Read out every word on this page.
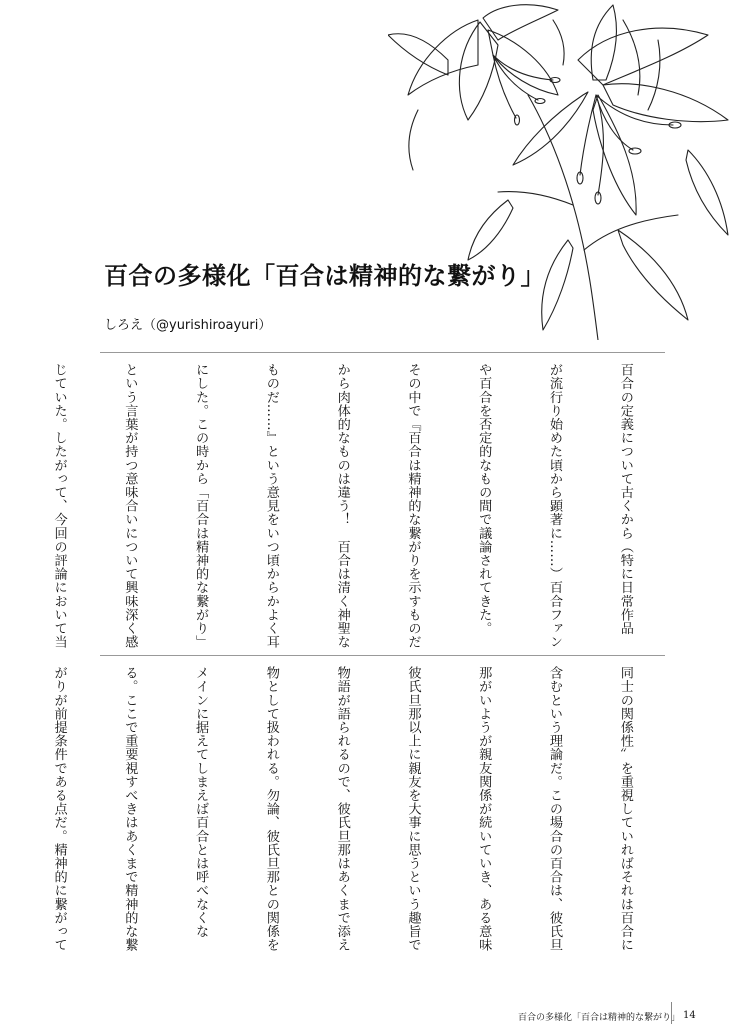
百合の多様化「百合は精神的な繋がり」
しろえ（@yurishiroayuri）

百合の定義について古くから（特に日常作品

が流行り始めた頃から顕著に……）百合ファン

や百合を否定的なもの間で議論されてきた。

その中で『百合は精神的な繋がりを示すものだ

から肉体的なものは違う！　百合は清く神聖な

ものだ……』という意見をいつ頃からかよく耳

にした。この時から「百合は精神的な繋がり」

という言葉が持つ意味合いについて興味深く感

じていた。したがって、今回の評論において当

同士の関係性〟を重視していればそれは百合に

含むという理論だ。この場合の百合は、彼氏旦

那がいようが親友関係が続いていき、ある意味

彼氏旦那以上に親友を大事に思うという趣旨で

物語が語られるので、彼氏旦那はあくまで添え

物として扱われる。勿論、彼氏旦那との関係を

メインに据えてしまえば百合とは呼べなくな

る。ここで重要視すべきはあくまで精神的な繋

がりが前提条件である点だ。精神的に繋がって

百合の多様化「百合は精神的な繋がり」 14
